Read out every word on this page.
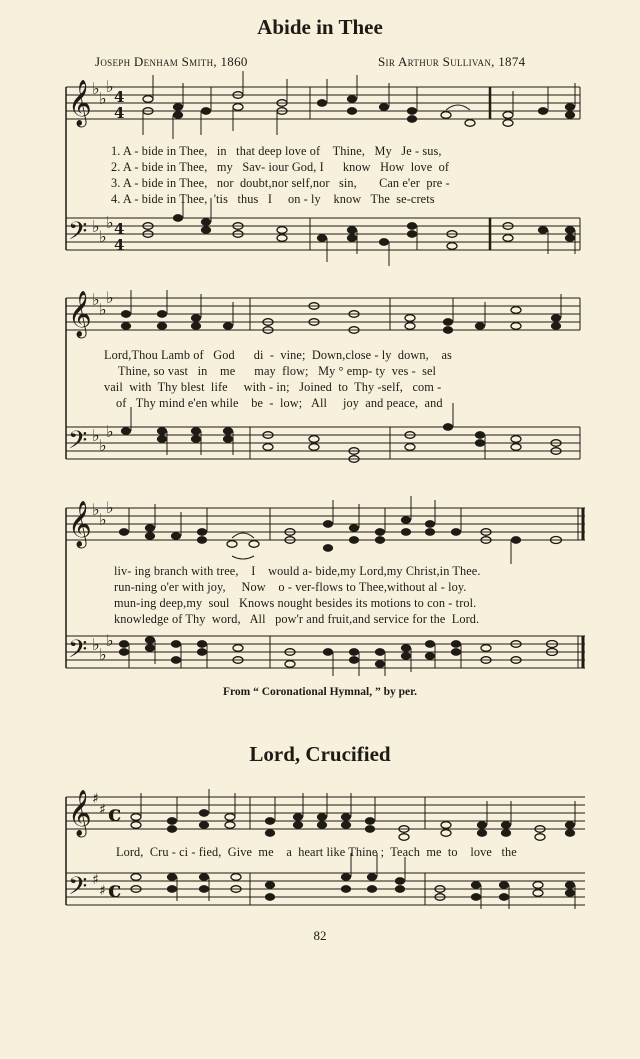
𝄞
𝄢
𝄞
𝄢
𝄞
𝄢
𝄞
𝄢
♭
♭
♭
♭
♭
♭
♭
♭
♭
♭
♭
♭
♭
♭
♭
♭
♭
♭
♯
♯
♯
♯
4
4
4
4
c
c
Abide in Thee
Joseph Denham Smith, 1860	Sir Arthur Sullivan, 1874
1. A - bide in Thee,   in   that deep love of    Thine,   My   Je - sus,
2. A - bide in Thee,   my   Sav- iour God, I      know   How  love  of
3. A - bide in Thee,   nor  doubt,nor self,nor   sin,       Can e'er  pre -
4. A - bide in Thee,  'tis   thus   I     on - ly    know   The  se-crets
Lord,Thou Lamb of   God      di  -  vine;  Down,close - ly  down,    as
Thine, so vast   in    me      may  flow;   My ° emp- ty  ves -  sel
vail  with  Thy blest  life     with - in;   Joined  to  Thy -self,   com -
of   Thy mind e'en while    be  -  low;   All     joy  and peace,  and
liv- ing branch with tree,    I    would a- bide,my Lord,my Christ,in Thee.
run-ning o'er with joy,     Now    o - ver-flows to Thee,without al - loy.
mun-ing deep,my  soul   Knows nought besides its motions to con - trol.
knowledge of Thy  word,   All   pow'r and fruit,and service for the  Lord.
From “ Coronational Hymnal, ” by per.
Lord, Crucified
Lord,  Cru - ci - fied,  Give  me    a  heart like Thine ;  Teach  me  to    love   the
82
